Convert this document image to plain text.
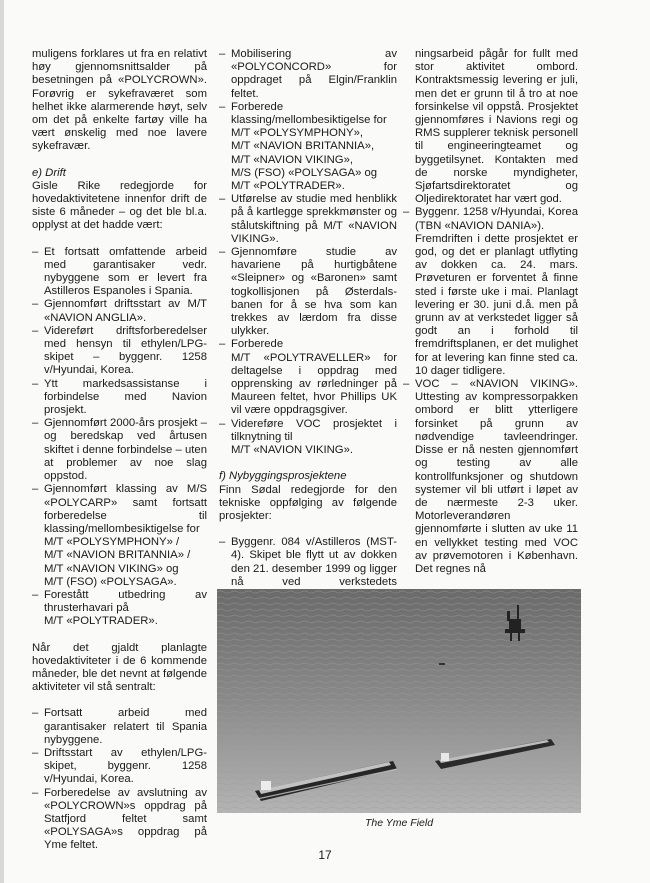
muligens forklares ut fra en relativt høy gjennomsnittsalder på besetningen på «POLYCROWN». Forøvrig er sykefraværet som helhet ikke alarmerende høyt, selv om det på enkelte fartøy ville ha vært ønskelig med noe lavere sykefravær.

e) Drift

Gisle Rike redegjorde for hovedaktivitetene innenfor drift de siste 6 måneder – og det ble bl.a. opplyst at det hadde vært:

– Et fortsatt omfattende arbeid med garantisaker vedr. nybyggene som er levert fra Astilleros Espanoles i Spania.
– Gjennomført driftsstart av M/T «NAVION ANGLIA».
– Videreført driftsforberedelser med hensyn til ethylen/LPG-skipet – byggenr. 1258 v/Hyundai, Korea.
– Ytt markedsassistanse i forbindelse med Navion prosjekt.
– Gjennomført 2000-års prosjekt – og beredskap ved årtusen skiftet i denne forbindelse – uten at problemer av noe slag oppstod.
– Gjennomført klassing av M/S «POLYCARP» samt fortsatt forberedelse til klassing/mellombesiktigelse for
M/T «POLYSYMPHONY» /
M/T «NAVION BRITANNIA» /
M/T «NAVION VIKING» og
M/T (FSO) «POLYSAGA».
– Forestått utbedring av thrusterhavari på
M/T «POLYTRADER».

Når det gjaldt planlagte hovedaktiviteter i de 6 kommende måneder, ble det nevnt at følgende aktiviteter vil stå sentralt:

– Fortsatt arbeid med garantisaker relatert til Spania nybyggene.
– Driftsstart av ethylen/LPG-skipet, byggenr. 1258 v/Hyundai, Korea.
– Forberedelse av avslutning av «POLYCROWN»s oppdrag på Statfjord feltet samt «POLYSAGA»s oppdrag på Yme feltet.
– Mobilisering av «POLYCONCORD» for oppdraget på Elgin/Franklin feltet.
– Forberede klassing/mellombesiktigelse for
M/T «POLYSYMPHONY»,
M/T «NAVION BRITANNIA»,
M/T «NAVION VIKING»,
M/S (FSO) «POLYSAGA» og
M/T «POLYTRADER».
– Utførelse av studie med henblikk på å kartlegge sprekkmønster og stålutskiftning på M/T «NAVION VIKING».
– Gjennomføre studie av havariene på hurtigbåtene «Sleipner» og «Baronen» samt togkollisjonen på Østerdals-banen for å se hva som kan trekkes av lærdom fra disse ulykker.
– Forberede
M/T «POLYTRAVELLER» for deltagelse i oppdrag med opprensking av rørledninger på Maureen feltet, hvor Phillips UK vil være oppdragsgiver.
– Videreføre VOC prosjektet i tilknytning til
M/T «NAVION VIKING».

f) Nybyggingsprosjektene

Finn Sødal redegjorde for den tekniske oppfølging av følgende prosjekter:

– Byggenr. 084 v/Astilleros (MST-4). Skipet ble flytt ut av dokken den 21. desember 1999 og ligger nå ved verkstedets

ningsarbeid pågår for fullt med stor aktivitet ombord. Kontraktsmessig levering er juli, men det er grunn til å tro at noe forsinkelse vil oppstå. Prosjektet gjennomføres i Navions regi og RMS supplerer teknisk personell til engineeringteamet og byggetilsynet. Kontakten med de norske myndigheter, Sjøfartsdirektoratet og Oljedirektoratet har vært god.

– Byggenr. 1258 v/Hyundai, Korea (TBN «NAVION DANIA»).

Fremdriften i dette prosjektet er god, og det er planlagt utflyting av dokken ca. 24. mars. Prøveturen er forventet å finne sted i første uke i mai. Planlagt levering er 30. juni d.å. men på grunn av at verkstedet ligger så godt an i forhold til fremdriftsplanen, er det mulighet for at levering kan finne sted ca. 10 dager tidligere.

– VOC – «NAVION VIKING». Uttesting av kompressorpakken ombord er blitt ytterligere forsinket på grunn av nødvendige tavleendringer. Disse er nå nesten gjennomført og testing av alle kontrollfunksjoner og shutdown systemer vil bli utført i løpet av de nærmeste 2-3 uker. Motorleverandøren gjennomførte i slutten av uke 11 en vellykket testing med VOC av prøvemotoren i København. Det regnes nå
The Yme Field
17
